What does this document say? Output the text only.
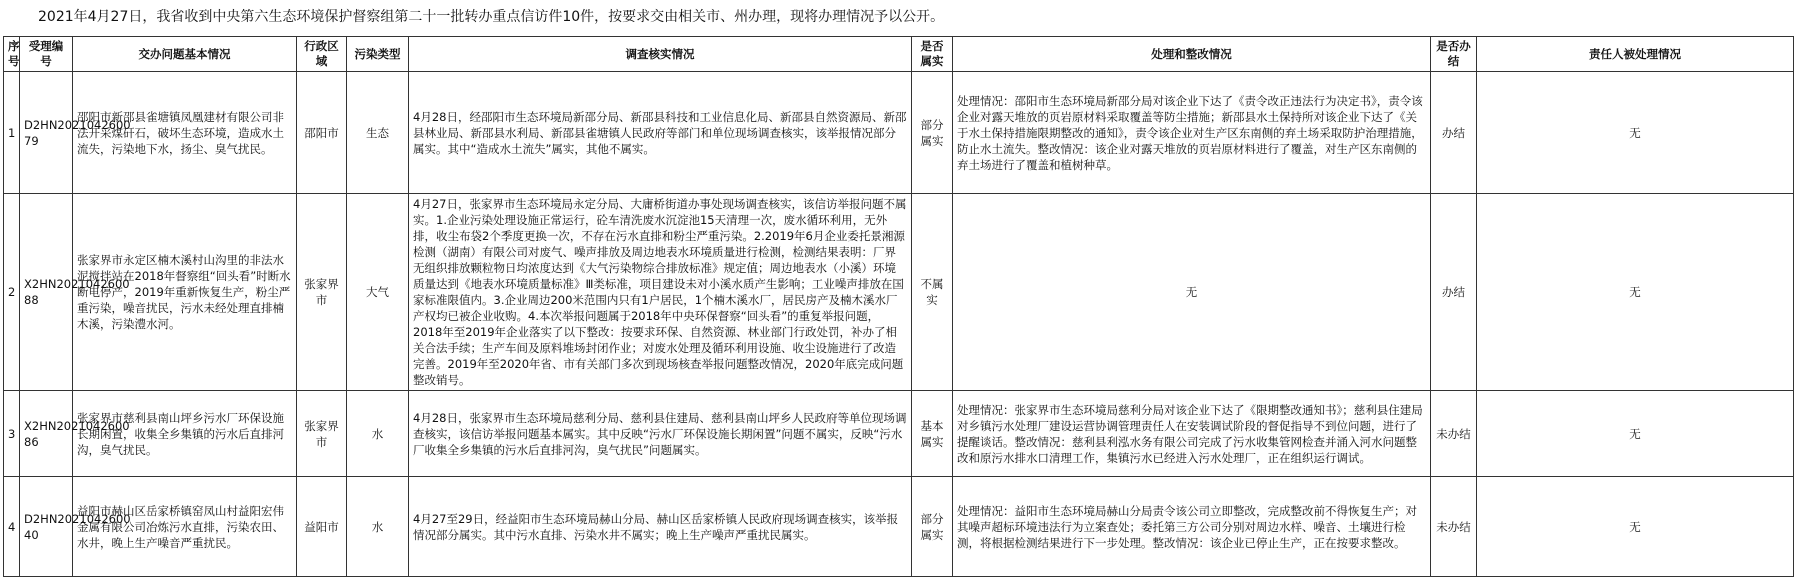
2021年4月27日，我省收到中央第六生态环境保护督察组第二十一批转办重点信访件10件，按要求交由相关市、州办理，现将办理情况予以公开。
序号	受理编号	交办问题基本情况	行政区域	污染类型	调查核实情况	是否属实	处理和整改情况	是否办结	责任人被处理情况
1	D2HN2021042600 79	邵阳市新邵县雀塘镇凤凰建材有限公司非法开采煤矸石，破坏生态环境，造成水土流失，污染地下水，扬尘、臭气扰民。	邵阳市	生态	4月28日，经邵阳市生态环境局新邵分局、新邵县科技和工业信息化局、新邵县自然资源局、新邵县林业局、新邵县水利局、新邵县雀塘镇人民政府等部门和单位现场调查核实，该举报情况部分属实。其中“造成水土流失”属实，其他不属实。	部分属实	处理情况：邵阳市生态环境局新邵分局对该企业下达了《责令改正违法行为决定书》，责令该企业对露天堆放的页岩原材料采取覆盖等防尘措施；新邵县水土保持所对该企业下达了《关于水土保持措施限期整改的通知》，责令该企业对生产区东南侧的弃土场采取防护治理措施，防止水土流失。整改情况：该企业对露天堆放的页岩原材料进行了覆盖，对生产区东南侧的弃土场进行了覆盖和植树种草。	办结	无
2	X2HN2021042600 88	张家界市永定区楠木溪村山沟里的非法水泥搅拌站在2018年督察组“回头看”时断水断电停产，2019年重新恢复生产，粉尘严重污染，噪音扰民，污水未经处理直排楠木溪，污染澧水河。	张家界市	大气	4月27日，张家界市生态环境局永定分局、大庸桥街道办事处现场调查核实，该信访举报问题不属实。1.企业污染处理设施正常运行，砼车清洗废水沉淀池15天清理一次，废水循环利用，无外排，收尘布袋2个季度更换一次，不存在污水直排和粉尘严重污染。2.2019年6月企业委托景湘源检测（湖南）有限公司对废气、噪声排放及周边地表水环境质量进行检测，检测结果表明：厂界无组织排放颗粒物日均浓度达到《大气污染物综合排放标准》规定值；周边地表水（小溪）环境质量达到《地表水环境质量标准》Ⅲ类标准，项目建设未对小溪水质产生影响；工业噪声排放在国家标准限值内。3.企业周边200米范围内只有1户居民，1个楠木溪水厂，居民房产及楠木溪水厂产权均已被企业收购。4.本次举报问题属于2018年中央环保督察“回头看”的重复举报问题，2018年至2019年企业落实了以下整改：按要求环保、自然资源、林业部门行政处罚，补办了相关合法手续；生产车间及原料堆场封闭作业；对废水处理及循环利用设施、收尘设施进行了改造完善。2019年至2020年省、市有关部门多次到现场核查举报问题整改情况，2020年底完成问题整改销号。	不属实	无	办结	无
3	X2HN2021042600 86	张家界市慈利县南山坪乡污水厂环保设施长期闲置，收集全乡集镇的污水后直排河沟，臭气扰民。	张家界市	水	4月28日，张家界市生态环境局慈利分局、慈利县住建局、慈利县南山坪乡人民政府等单位现场调查核实，该信访举报问题基本属实。其中反映“污水厂环保设施长期闲置”问题不属实，反映“污水厂收集全乡集镇的污水后直排河沟，臭气扰民”问题属实。	基本属实	处理情况：张家界市生态环境局慈利分局对该企业下达了《限期整改通知书》；慈利县住建局对乡镇污水处理厂建设运营协调管理责任人在安装调试阶段的督促指导不到位问题，进行了提醒谈话。整改情况：慈利县利泓水务有限公司完成了污水收集管网检查并涌入河水问题整改和原污水排水口清理工作，集镇污水已经进入污水处理厂，正在组织运行调试。	未办结	无
4	D2HN2021042600 40	益阳市赫山区岳家桥镇窑凤山村益阳宏伟金属有限公司冶炼污水直排，污染农田、水井，晚上生产噪音严重扰民。	益阳市	水	4月27至29日，经益阳市生态环境局赫山分局、赫山区岳家桥镇人民政府现场调查核实，该举报情况部分属实。其中污水直排、污染水井不属实；晚上生产噪声严重扰民属实。	部分属实	处理情况：益阳市生态环境局赫山分局责令该公司立即整改，完成整改前不得恢复生产；对其噪声超标环境违法行为立案查处；委托第三方公司分别对周边水样、噪音、土壤进行检测，将根据检测结果进行下一步处理。整改情况：该企业已停止生产，正在按要求整改。	未办结	无
